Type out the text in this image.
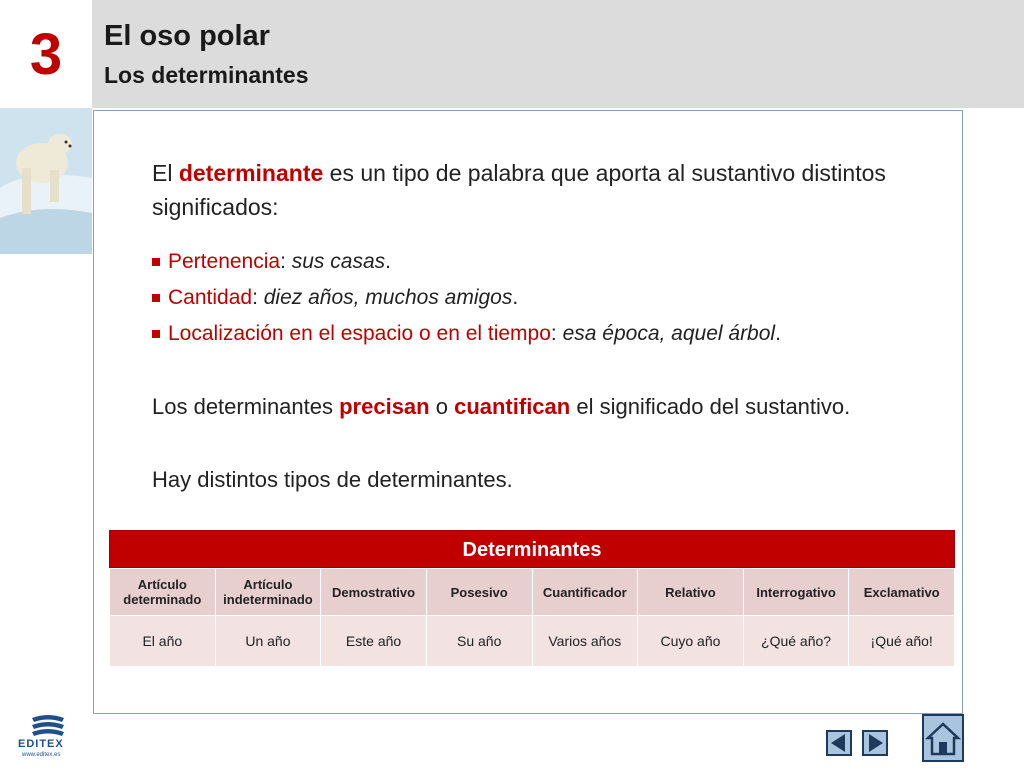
3 El oso polar
Los determinantes
El determinante es un tipo de palabra que aporta al sustantivo distintos significados:
Pertenencia : sus casas .
Cantidad : diez años, muchos amigos .
Localización en el espacio o en el tiempo : esa época, aquel árbol .
Los determinantes precisan o cuantifican el significado del sustantivo.
Hay distintos tipos de determinantes.
Determinantes
Artículo determinado	Artículo indeterminado	Demostrativo	Posesivo	Cuantificador	Relativo	Interrogativo	Exclamativo
El año	Un año	Este año	Su año	Varios años	Cuyo año	¿Qué año?	¡Qué año!
EDITEX
www.editex.es
